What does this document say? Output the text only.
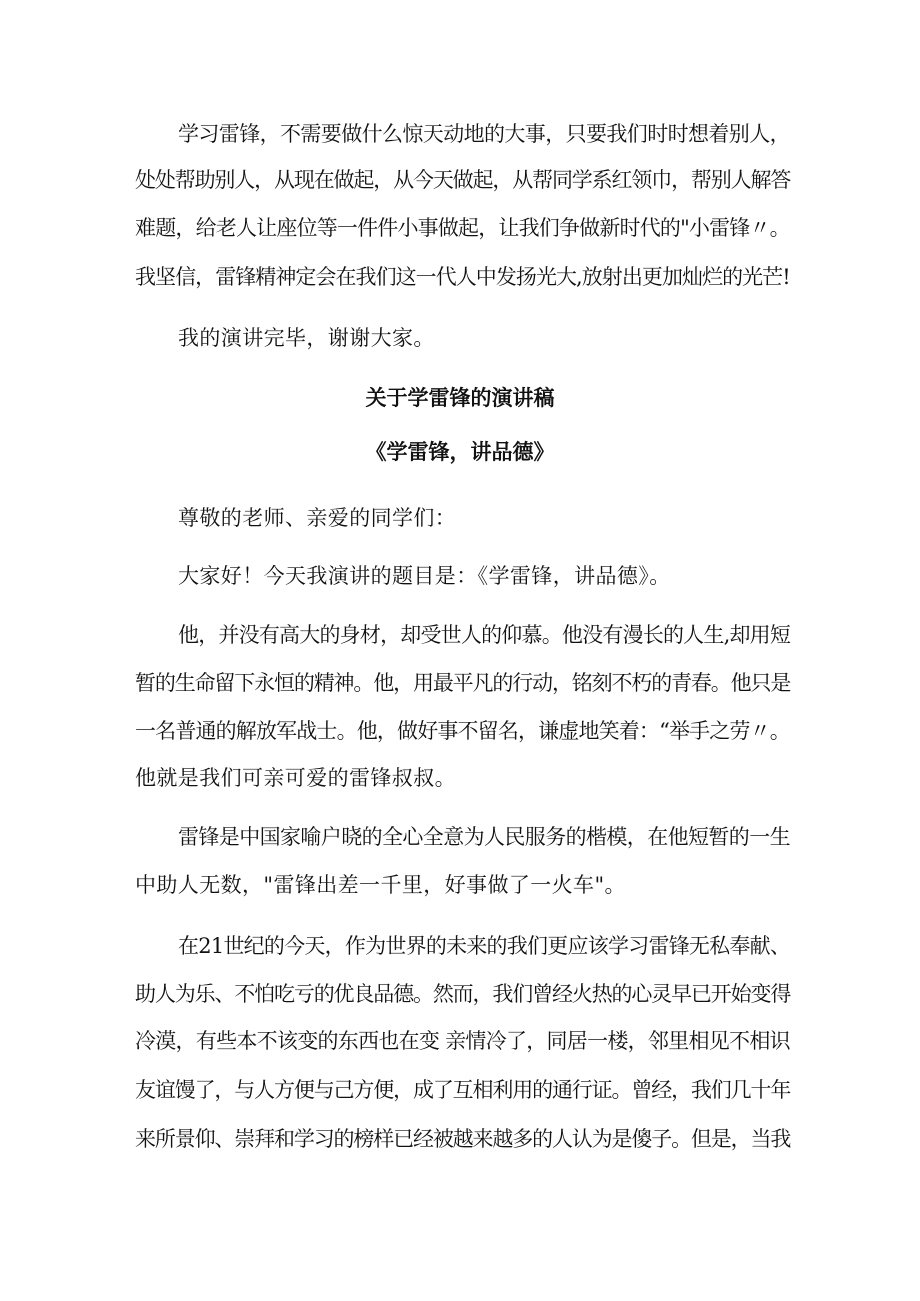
学习雷锋，不需要做什么惊天动地的大事，只要我们时时想着别人，
处处帮助别人，从现在做起，从今天做起，从帮同学系红领巾，帮别人解答
难题，给老人让座位等一件件小事做起，让我们争做新时代的"小雷锋〃。
我坚信，雷锋精神定会在我们这一代人中发扬光大,放射出更加灿烂的光芒!
我的演讲完毕，谢谢大家。
关于学雷锋的演讲稿
《学雷锋，讲品德》
尊敬的老师、亲爱的同学们：
大家好！今天我演讲的题目是：《学雷锋，讲品德》。
他，并没有高大的身材，却受世人的仰慕。他没有漫长的人生,却用短
暂的生命留下永恒的精神。他，用最平凡的行动，铭刻不朽的青春。他只是
一名普通的解放军战士。他，做好事不留名，谦虚地笑着：“举手之劳〃。
他就是我们可亲可爱的雷锋叔叔。
雷锋是中国家喻户晓的全心全意为人民服务的楷模，在他短暂的一生
中助人无数，"雷锋出差一千里，好事做了一火车"。
在21世纪的今天，作为世界的未来的我们更应该学习雷锋无私奉献、
助人为乐、不怕吃亏的优良品德。然而，我们曾经火热的心灵早已开始变得
冷漠，有些本不该变的东西也在变 亲情冷了，同居一楼，邻里相见不相识
友谊馒了，与人方便与己方便，成了互相利用的通行证。曾经，我们几十年
来所景仰、崇拜和学习的榜样已经被越来越多的人认为是傻子。但是，当我
